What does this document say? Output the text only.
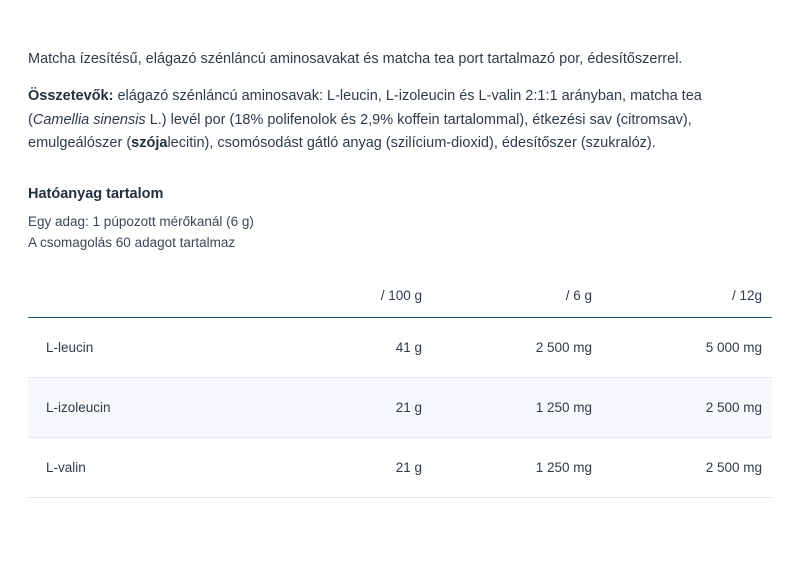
Matcha ízesítésű, elágazó szénláncú aminosavakat és matcha tea port tartalmazó por, édesítőszerrel.

Összetevők: elágazó szénláncú aminosavak: L-leucin, L-izoleucin és L-valin 2:1:1 arányban, matcha tea (Camellia sinensis L.) levél por (18% polifenolok és 2,9% koffein tartalommal), étkezési sav (citromsav), emulgeálószer (szójalecitin), csomósodást gátló anyag (szilícium-dioxid), édesítőszer (szukralóz).

Hatóanyag tartalom

Egy adag: 1 púpozott mérőkanál (6 g)

A csomagolás 60 adagot tartalmaz

	/ 100 g	/ 6 g	/ 12g
L-leucin	41 g	2 500 mg	5 000 mg
L-izoleucin	21 g	1 250 mg	2 500 mg
L-valin	21 g	1 250 mg	2 500 mg
